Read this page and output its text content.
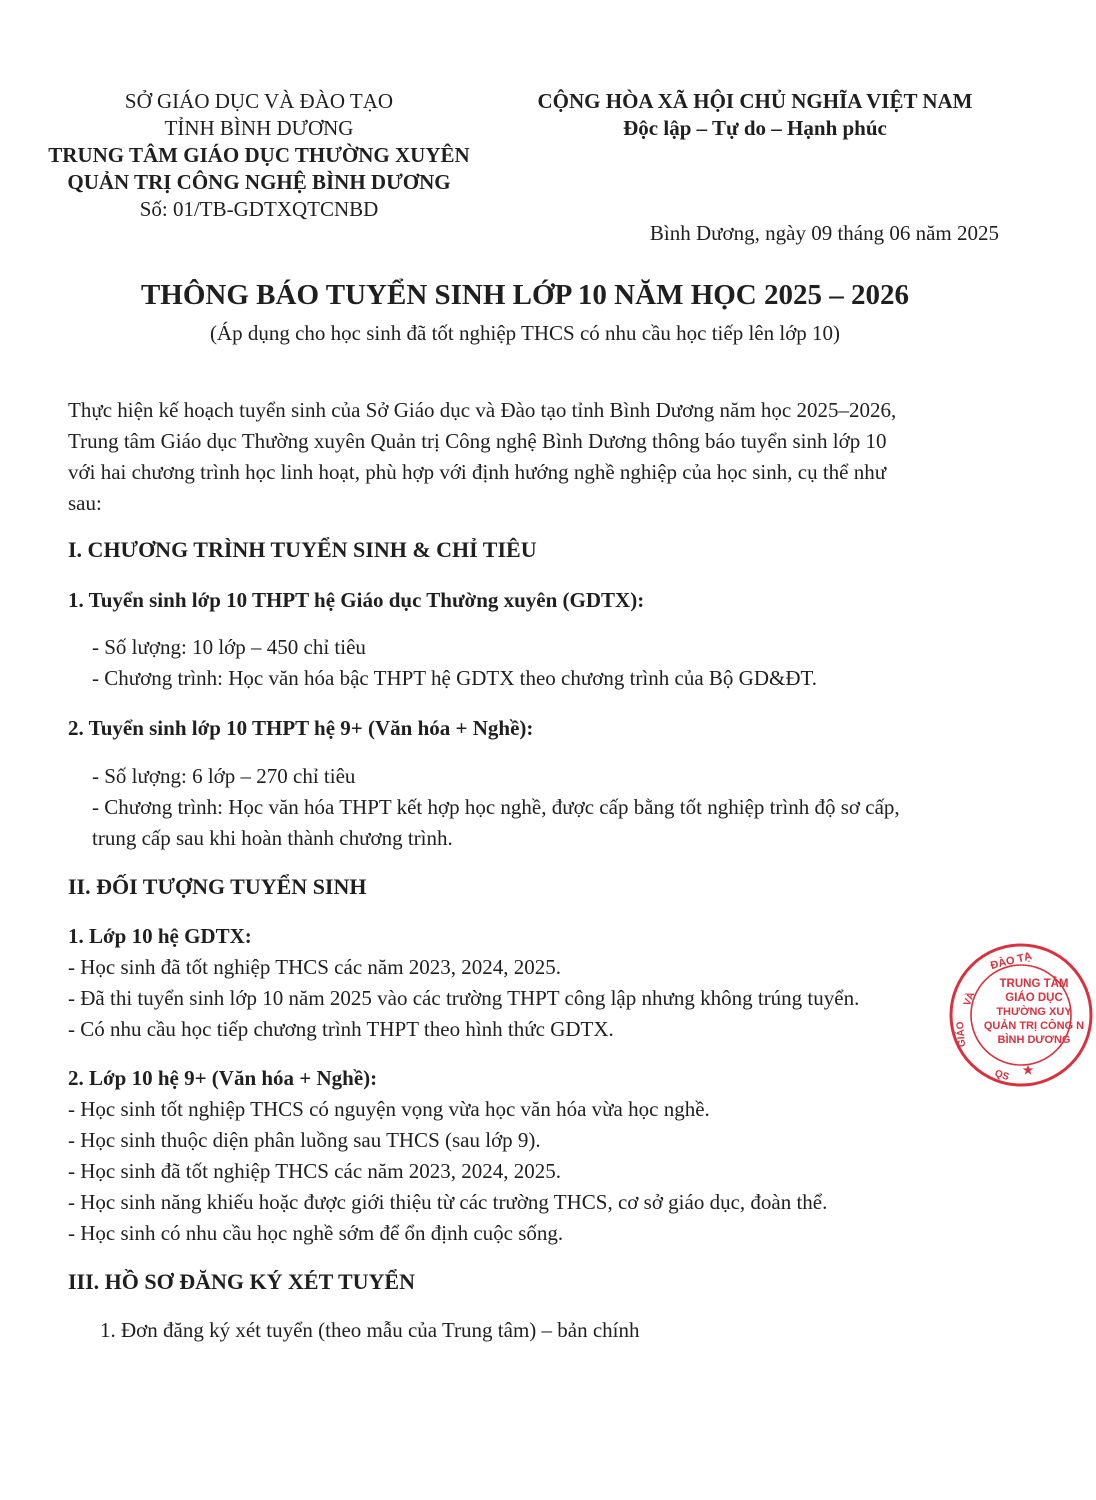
SỞ GIÁO DỤC VÀ ĐÀO TẠO
TỈNH BÌNH DƯƠNG
TRUNG TÂM GIÁO DỤC THƯỜNG XUYÊN
QUẢN TRỊ CÔNG NGHỆ BÌNH DƯƠNG
Số: 01/TB-GDTXQTCNBD
CỘNG HÒA XÃ HỘI CHỦ NGHĨA VIỆT NAM
Độc lập – Tự do – Hạnh phúc
Bình Dương, ngày 09 tháng 06 năm 2025
THÔNG BÁO TUYỂN SINH LỚP 10 NĂM HỌC 2025 – 2026
(Áp dụng cho học sinh đã tốt nghiệp THCS có nhu cầu học tiếp lên lớp 10)
Thực hiện kế hoạch tuyển sinh của Sở Giáo dục và Đào tạo tỉnh Bình Dương năm học 2025–2026,
Trung tâm Giáo dục Thường xuyên Quản trị Công nghệ Bình Dương thông báo tuyển sinh lớp 10
với hai chương trình học linh hoạt, phù hợp với định hướng nghề nghiệp của học sinh, cụ thể như
sau:
I. CHƯƠNG TRÌNH TUYỂN SINH & CHỈ TIÊU
1. Tuyển sinh lớp 10 THPT hệ Giáo dục Thường xuyên (GDTX):
- Số lượng: 10 lớp – 450 chỉ tiêu
- Chương trình: Học văn hóa bậc THPT hệ GDTX theo chương trình của Bộ GD&ĐT.
2. Tuyển sinh lớp 10 THPT hệ 9+ (Văn hóa + Nghề):
- Số lượng: 6 lớp – 270 chỉ tiêu
- Chương trình: Học văn hóa THPT kết hợp học nghề, được cấp bằng tốt nghiệp trình độ sơ cấp,
trung cấp sau khi hoàn thành chương trình.
II. ĐỐI TƯỢNG TUYỂN SINH
1. Lớp 10 hệ GDTX:
- Học sinh đã tốt nghiệp THCS các năm 2023, 2024, 2025.
- Đã thi tuyển sinh lớp 10 năm 2025 vào các trường THPT công lập nhưng không trúng tuyển.
- Có nhu cầu học tiếp chương trình THPT theo hình thức GDTX.
2. Lớp 10 hệ 9+ (Văn hóa + Nghề):
- Học sinh tốt nghiệp THCS có nguyện vọng vừa học văn hóa vừa học nghề.
- Học sinh thuộc diện phân luồng sau THCS (sau lớp 9).
- Học sinh đã tốt nghiệp THCS các năm 2023, 2024, 2025.
- Học sinh năng khiếu hoặc được giới thiệu từ các trường THCS, cơ sở giáo dục, đoàn thể.
- Học sinh có nhu cầu học nghề sớm để ổn định cuộc sống.
III. HỒ SƠ ĐĂNG KÝ XÉT TUYỂN
1. Đơn đăng ký xét tuyển (theo mẫu của Trung tâm) – bản chính
ĐÀO TẠ
VÀ
GIÁO
QS ★
TRUNG TÂM
GIÁO DỤC
THƯỜNG XUY
QUẢN TRỊ CÔNG N
BÌNH DƯƠNG
